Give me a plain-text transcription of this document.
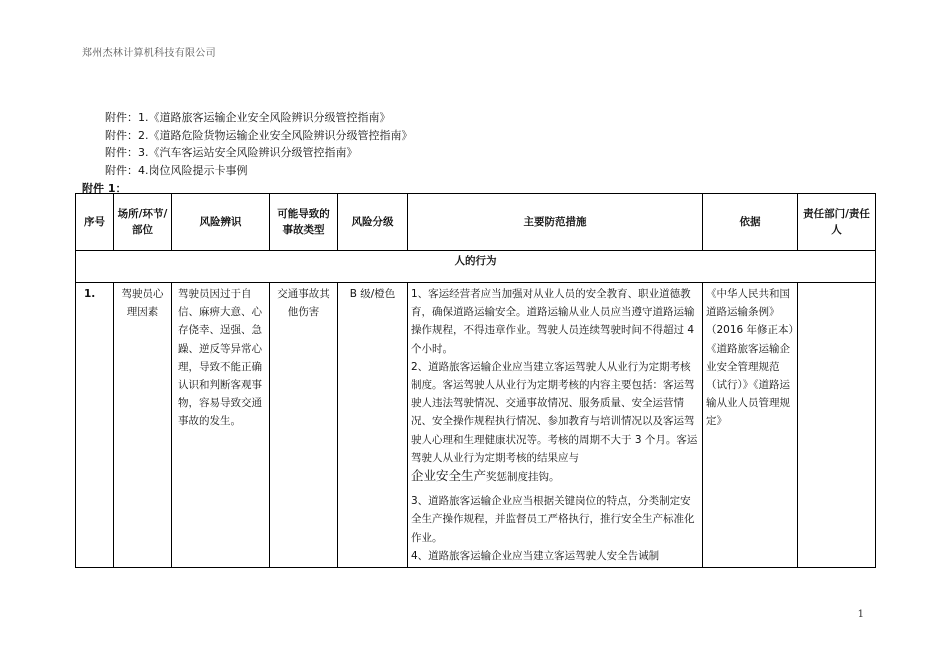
郑州杰林计算机科技有限公司
附件：1.《道路旅客运输企业安全风险辨识分级管控指南》
附件：2.《道路危险货物运输企业安全风险辨识分级管控指南》
附件：3.《汽车客运站安全风险辨识分级管控指南》
附件：4.岗位风险提示卡事例
附件 1：
序号	场所/环节/部位	风险辨识	可能导致的事故类型	风险分级	主要防范措施	依据	责任部门/责任人
人的行为							
1.	驾驶员心理因素	驾驶员因过于自信、麻痹大意、心存侥幸、逞强、急躁、逆反等异常心理，导致不能正确认识和判断客观事物，容易导致交通事故的发生。	交通事故其他伤害	B 级/橙色	1、客运经营者应当加强对从业人员的安全教育、职业道德教育，确保道路运输安全。道路运输从业人员应当遵守道路运输操作规程，不得违章作业。驾驶人员连续驾驶时间不得超过 4 个小时。

2、道路旅客运输企业应当建立客运驾驶人从业行为定期考核制度。客运驾驶人从业行为定期考核的内容主要包括：客运驾驶人违法驾驶情况、交通事故情况、服务质量、安全运营情况、安全操作规程执行情况、参加教育与培训情况以及客运驾驶人心理和生理健康状况等。考核的周期不大于 3 个月。客运驾驶人从业行为定期考核的结果应与
企业安全生产奖惩制度挂钩。

3、道路旅客运输企业应当根据关键岗位的特点，分类制定安全生产操作规程，并监督员工严格执行，推行安全生产标准化作业。

4、道路旅客运输企业应当建立客运驾驶人安全告诫制	《中华人民共和国道路运输条例》（2016 年修正本）《道路旅客运输企业安全管理规范（试行）》《道路运输从业人员管理规定》	
1
